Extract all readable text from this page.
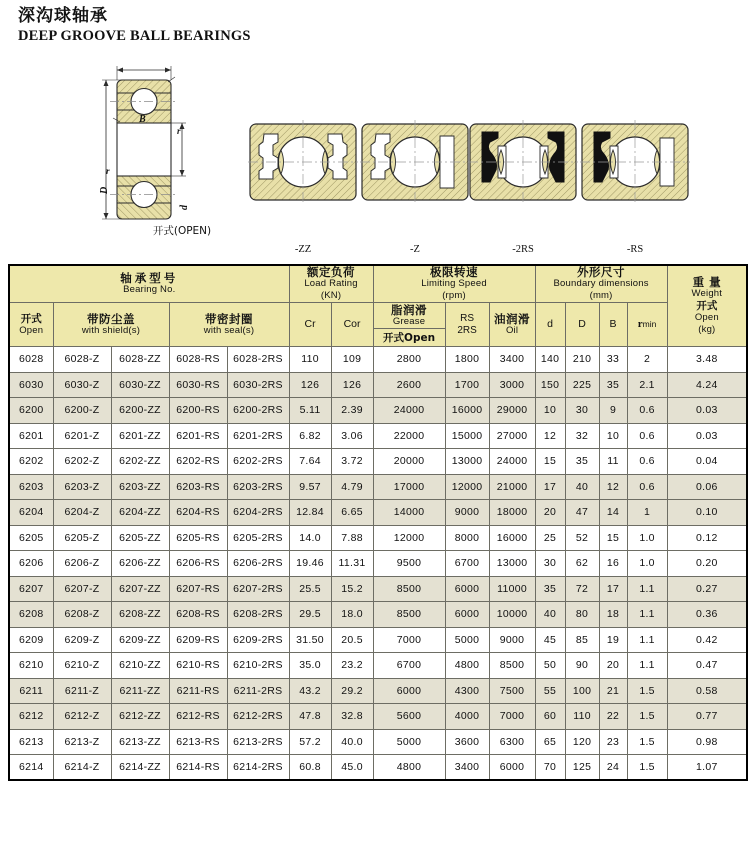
深沟球轴承
DEEP GROOVE BALL BEARINGS
B
r
r
D
d
开式(OPEN)
-ZZ	-Z	-2RS	-RS
轴承型号
Bearing No.					额定负荷
Load Rating
(KN)		极限转速
Limiting Speed
(rpm)			外形尺寸
Boundary dimensions
(mm)				重 量
Weight
开式
Open
(kg)

开式
Open	带防尘盖
with shield(s)		带密封圈
with seal(s)		Cr	Cor	脂润滑
Grease	RS
2RS	油润滑
Oil	d	D	B	rmin	

							开式Open							

6028	6028-Z	6028-ZZ	6028-RS	6028-2RS	110	109	2800	1800	3400	140	210	33	2	3.48
6030	6030-Z	6030-ZZ	6030-RS	6030-2RS	126	126	2600	1700	3000	150	225	35	2.1	4.24
6200	6200-Z	6200-ZZ	6200-RS	6200-2RS	5.11	2.39	24000	16000	29000	10	30	9	0.6	0.03
6201	6201-Z	6201-ZZ	6201-RS	6201-2RS	6.82	3.06	22000	15000	27000	12	32	10	0.6	0.03
6202	6202-Z	6202-ZZ	6202-RS	6202-2RS	7.64	3.72	20000	13000	24000	15	35	11	0.6	0.04
6203	6203-Z	6203-ZZ	6203-RS	6203-2RS	9.57	4.79	17000	12000	21000	17	40	12	0.6	0.06
6204	6204-Z	6204-ZZ	6204-RS	6204-2RS	12.84	6.65	14000	9000	18000	20	47	14	1	0.10
6205	6205-Z	6205-ZZ	6205-RS	6205-2RS	14.0	7.88	12000	8000	16000	25	52	15	1.0	0.12
6206	6206-Z	6206-ZZ	6206-RS	6206-2RS	19.46	11.31	9500	6700	13000	30	62	16	1.0	0.20
6207	6207-Z	6207-ZZ	6207-RS	6207-2RS	25.5	15.2	8500	6000	11000	35	72	17	1.1	0.27
6208	6208-Z	6208-ZZ	6208-RS	6208-2RS	29.5	18.0	8500	6000	10000	40	80	18	1.1	0.36
6209	6209-Z	6209-ZZ	6209-RS	6209-2RS	31.50	20.5	7000	5000	9000	45	85	19	1.1	0.42
6210	6210-Z	6210-ZZ	6210-RS	6210-2RS	35.0	23.2	6700	4800	8500	50	90	20	1.1	0.47
6211	6211-Z	6211-ZZ	6211-RS	6211-2RS	43.2	29.2	6000	4300	7500	55	100	21	1.5	0.58
6212	6212-Z	6212-ZZ	6212-RS	6212-2RS	47.8	32.8	5600	4000	7000	60	110	22	1.5	0.77
6213	6213-Z	6213-ZZ	6213-RS	6213-2RS	57.2	40.0	5000	3600	6300	65	120	23	1.5	0.98
6214	6214-Z	6214-ZZ	6214-RS	6214-2RS	60.8	45.0	4800	3400	6000	70	125	24	1.5	1.07
